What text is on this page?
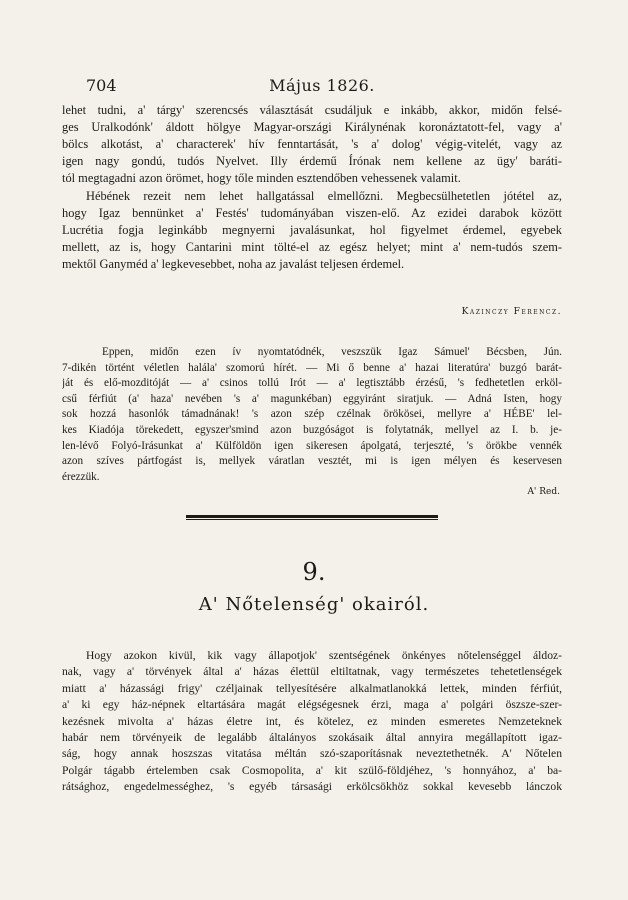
704	Május 1826.
lehet tudni, a' tárgy' szerencsés választását csudáljuk e inkább, akkor, midőn felsé-
ges Uralkodónk' áldott hölgye Magyar-országi Királynénak koronáztatott-fel, vagy a'
bölcs alkotást, a' characterek' hív fenntartását, 's a' dolog' végig-vitelét, vagy az
igen nagy gondú, tudós Nyelvet. Illy érdemű Írónak nem kellene az ügy' baráti-
tól megtagadni azon örömet, hogy tőle minden esztendőben vehessenek valamit.
Hébének rezeit nem lehet hallgatással elmellőzni. Megbecsülhetetlen jótétel az,
hogy Igaz bennünket a' Festés' tudományában viszen-elő. Az ezidei darabok között
Lucrétia fogja leginkább megnyerni javalásunkat, hol figyelmet érdemel, egyebek
mellett, az is, hogy Cantarini mint tölté-el az egész helyet; mint a' nem-tudós szem-
mektől Ganyméd a' legkevesebbet, noha az javalást teljesen érdemel.
Kazinczy Ferencz.
Eppen, midőn ezen ív nyomtatódnék, veszszük Igaz Sámuel' Bécsben, Jún.
7-dikén történt véletlen halála' szomorú hírét. — Mi ő benne a' hazai literatúra' buzgó barát-
ját és elő-mozditóját — a' csinos tollú Irót — a' legtisztább érzésű, 's fedhetetlen erköl-
csű férfiút (a' haza' nevében 's a' magunkéban) eggyiránt siratjuk. — Adná Isten, hogy
sok hozzá hasonlók támadnának! 's azon szép czélnak örökösei, mellyre a' HÉBE' lel-
kes Kiadója törekedett, egyszer'smind azon buzgóságot is folytatnák, mellyel az I. b. je-
len-lévő Folyó-Irásunkat a' Külföldön igen sikeresen ápolgatá, terjeszté, 's örökbe vennék
azon szíves pártfogást is, mellyek váratlan vesztét, mi is igen mélyen és keservesen
érezzük.
A' Red.
9.
A' Nőtelenség' okairól.
Hogy azokon kivül, kik vagy állapotjok' szentségének önkényes nőtelenséggel áldoz-
nak, vagy a' törvények által a' házas élettül eltiltatnak, vagy természetes tehetetlenségek
miatt a' házassági frigy' czéljainak tellyesítésére alkalmatlanokká lettek, minden férfiút,
a' ki egy ház-népnek eltartására magát elégségesnek érzi, maga a' polgári öszsze-szer-
kezésnek mivolta a' házas életre int, és kötelez, ez minden esmeretes Nemzeteknek
habár nem törvényeik de legalább általányos szokásaik által annyira megállapított igaz-
ság, hogy annak hoszszas vitatása méltán szó-szaporításnak neveztethetnék. A' Nőtelen
Polgár tágabb értelemben csak Cosmopolita, a' kit szülő-földjéhez, 's honnyához, a' ba-
rátsághoz, engedelmességhez, 's egyéb társasági erkölcsökhöz sokkal kevesebb lánczok
